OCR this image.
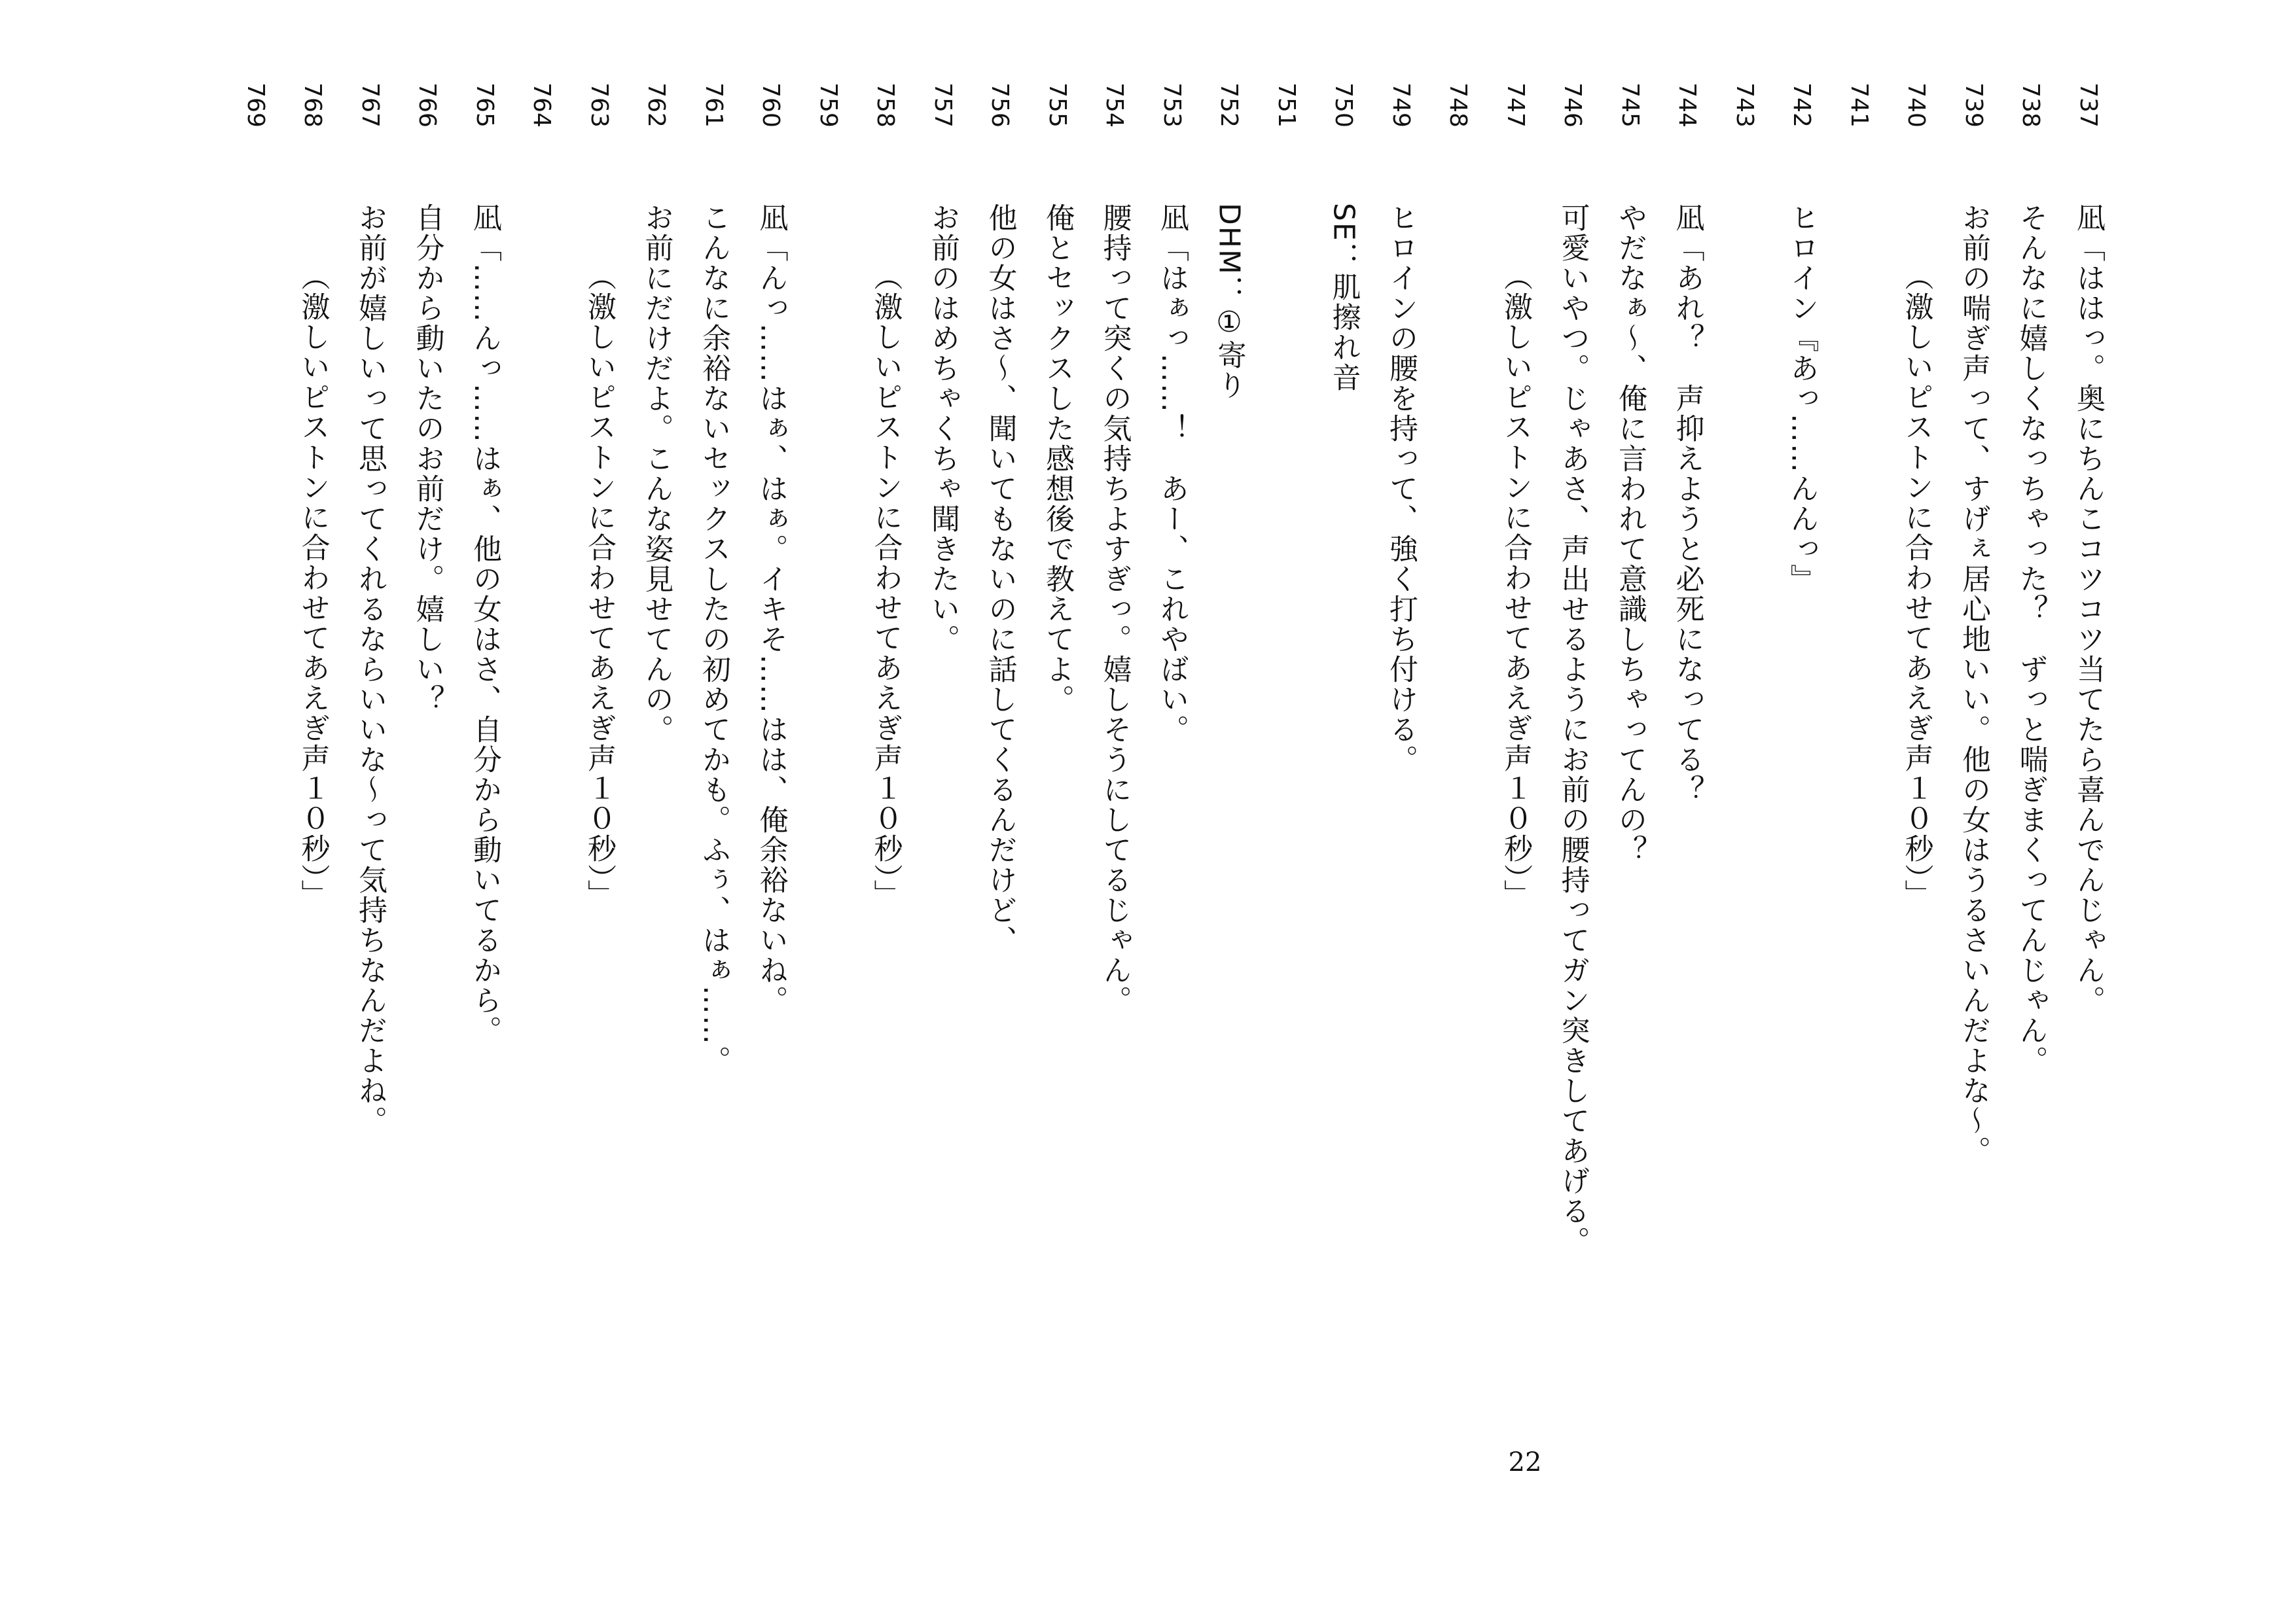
737
凪「ははっ。奥にちんこコツコツ当てたら喜んでんじゃん。
738
そんなに嬉しくなっちゃった？　ずっと喘ぎまくってんじゃん。
739
お前の喘ぎ声って、すげぇ居心地いい。他の女はうるさいんだよな～。
740
（激しいピストンに合わせてあえぎ声１０秒）」
741
742
ヒロイン『あっ……んんっ』
743
744
凪「あれ？　声抑えようと必死になってる？
745
やだなぁ～、俺に言われて意識しちゃってんの？
746
可愛いやつ。じゃあさ、声出せるようにお前の腰持ってガン突きしてあげる。
747
（激しいピストンに合わせてあえぎ声１０秒）」
748
749
ヒロインの腰を持って、強く打ち付ける。
750
SE：肌擦れ音
751
752
DHM：①寄り
753
凪「はぁっ……！　あー、これやばい。
754
腰持って突くの気持ちよすぎっ。嬉しそうにしてるじゃん。
755
俺とセックスした感想後で教えてよ。
756
他の女はさ～、聞いてもないのに話してくるんだけど、
757
お前のはめちゃくちゃ聞きたい。
758
（激しいピストンに合わせてあえぎ声１０秒）」
759
760
凪「んっ……はぁ、はぁ。イキそ……はは、俺余裕ないね。
761
こんなに余裕ないセックスしたの初めてかも。ふぅ、はぁ……。
762
お前にだけだよ。こんな姿見せてんの。
763
（激しいピストンに合わせてあえぎ声１０秒）」
764
765
凪「……んっ……はぁ、他の女はさ、自分から動いてるから。
766
自分から動いたのお前だけ。嬉しい？
767
お前が嬉しいって思ってくれるならいいな～って気持ちなんだよね。
768
（激しいピストンに合わせてあえぎ声１０秒）」
769
22
